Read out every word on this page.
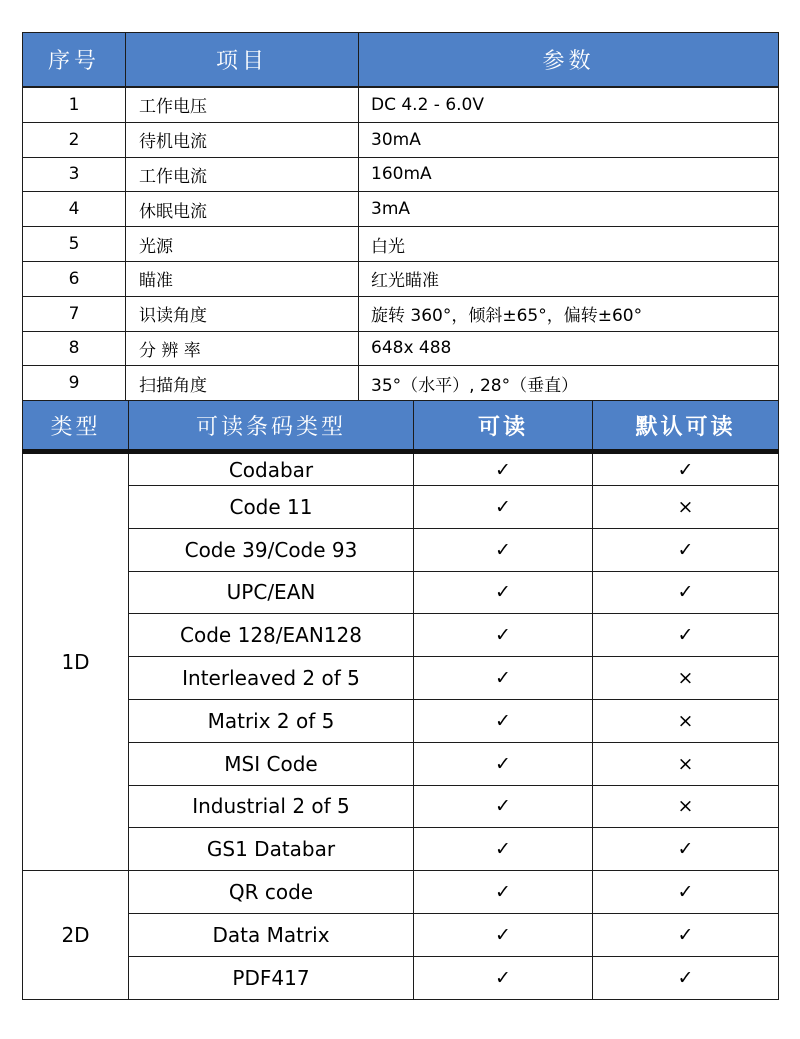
序号	项目	参数
1	工作电压	DC 4.2 - 6.0V
2	待机电流	30mA
3	工作电流	160mA
4	休眠电流	3mA
5	光源	白光
6	瞄准	红光瞄准
7	识读角度	旋转 360°，倾斜±65°，偏转±60°
8	分 辨 率	648x 488
9	扫描角度	35°（水平）, 28°（垂直）
类型	可读条码类型	可读	默认可读
1D	Codabar	✓	✓
	Code 11	✓	×
	Code 39/Code 93	✓	✓
	UPC/EAN	✓	✓
	Code 128/EAN128	✓	✓
	Interleaved 2 of 5	✓	×
	Matrix 2 of 5	✓	×
	MSI Code	✓	×
	Industrial 2 of 5	✓	×
	GS1 Databar	✓	✓
2D	QR code	✓	✓
	Data Matrix	✓	✓
	PDF417	✓	✓
